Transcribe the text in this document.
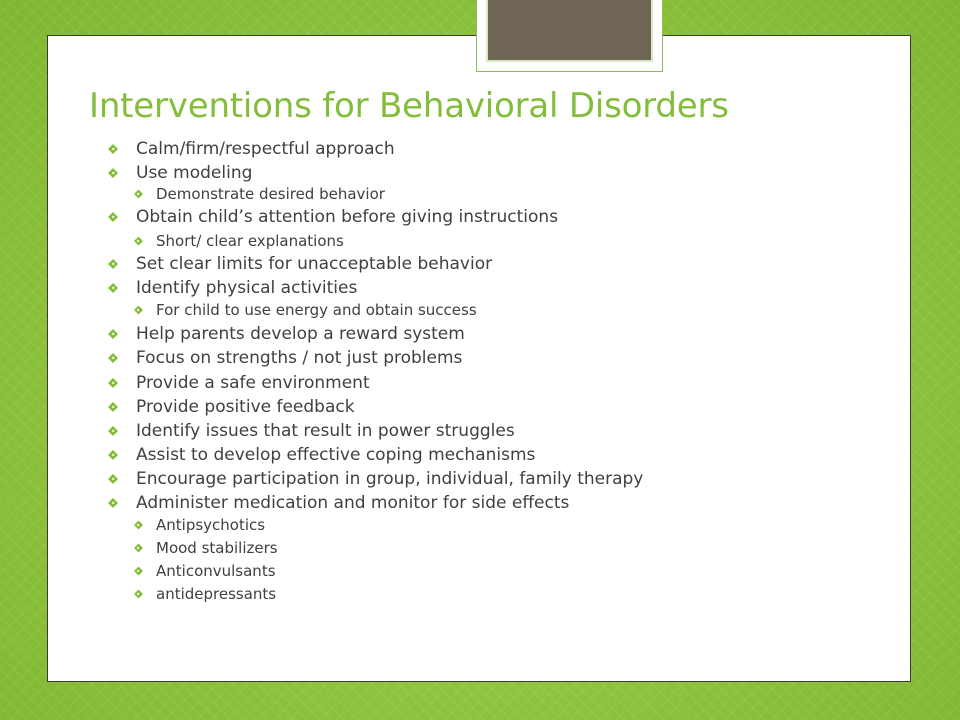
Interventions for Behavioral Disorders
Calm/firm/respectful approach
Use modeling
Demonstrate desired behavior
Obtain child’s attention before giving instructions
Short/ clear explanations
Set clear limits for unacceptable behavior
Identify physical activities
For child to use energy and obtain success
Help parents develop a reward system
Focus on strengths / not just problems
Provide a safe environment
Provide positive feedback
Identify issues that result in power struggles
Assist to develop effective coping mechanisms
Encourage participation in group, individual, family therapy
Administer medication and monitor for side effects
Antipsychotics
Mood stabilizers
Anticonvulsants
antidepressants
